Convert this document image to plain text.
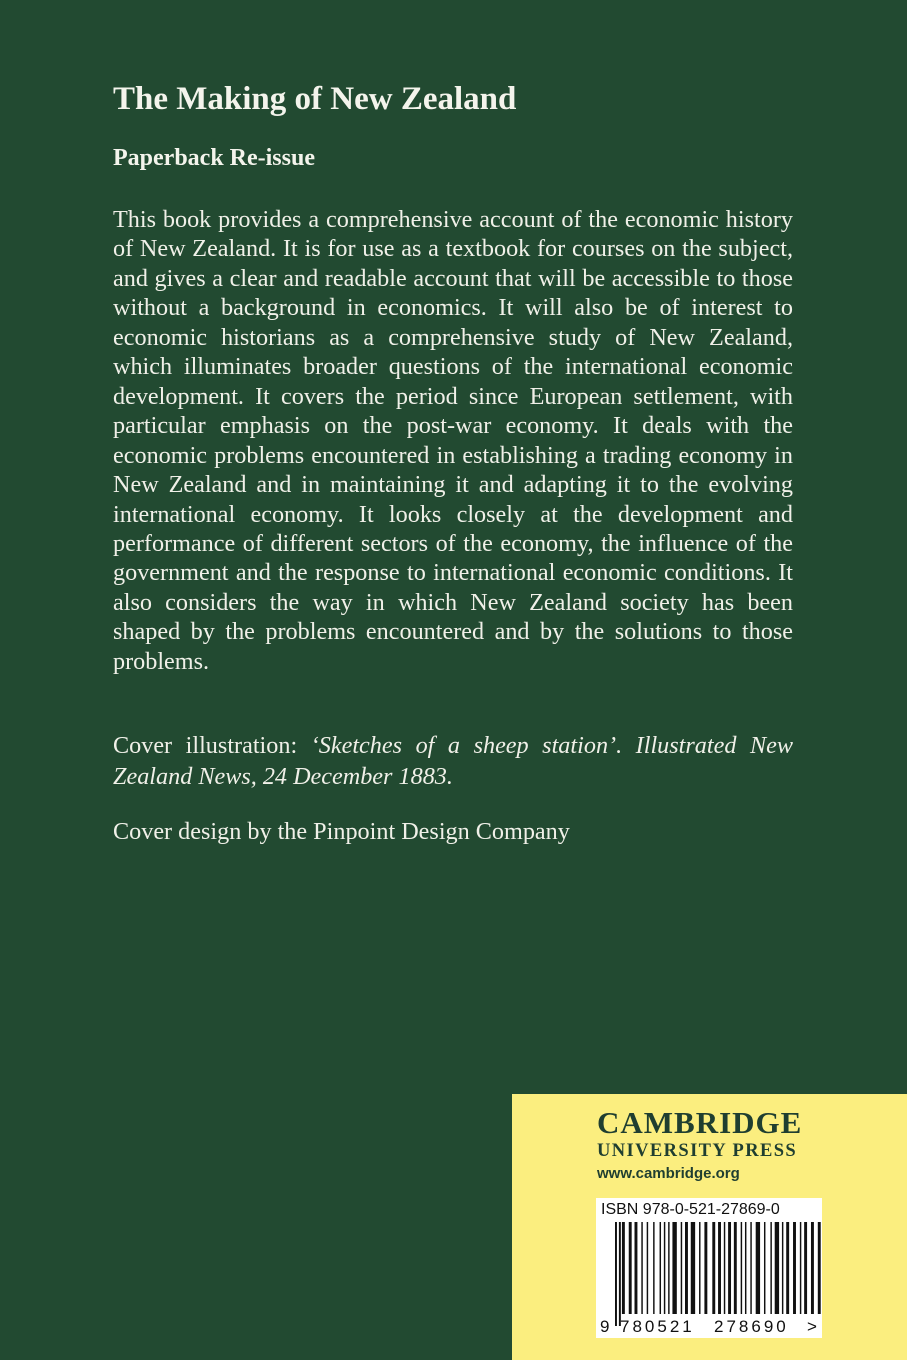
The Making of New Zealand
Paperback Re-issue

This book provides a comprehensive account of the economic history of New Zealand. It is for use as a textbook for courses on the subject, and gives a clear and readable account that will be accessible to those without a background in economics. It will also be of interest to economic historians as a comprehensive study of New Zealand, which illuminates broader questions of the international economic development. It covers the period since European settlement, with particular emphasis on the post-war economy. It deals with the economic problems encountered in establishing a trading economy in New Zealand and in maintaining it and adapting it to the evolving international economy. It looks closely at the development and performance of different sectors of the economy, the influence of the government and the response to international economic conditions. It also considers the way in which New Zealand society has been shaped by the problems encountered and by the solutions to those problems.

Cover illustration: ‘Sketches of a sheep station’. Illustrated New Zealand News, 24 December 1883.

Cover design by the Pinpoint Design Company

CAMBRIDGE
UNIVERSITY PRESS
www.cambridge.org
ISBN 978-0-521-27869-0
9 780521 278690 >
